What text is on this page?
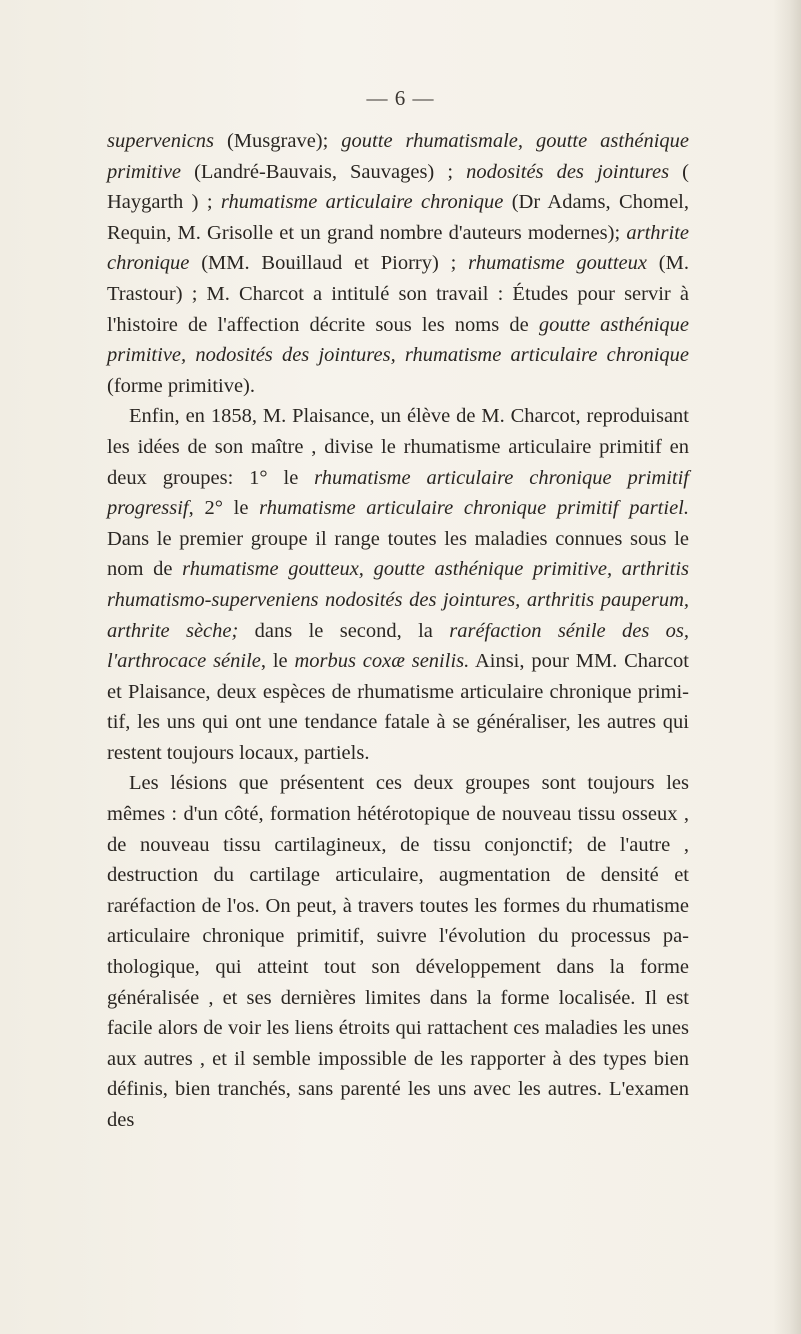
— 6 —

supervenicns (Musgrave); goutte rhumatismale, goutte asthénique primitive (Landré-Bauvais, Sauvages) ; nodosités des jointures ( Haygarth ) ; rhumatisme articulaire chronique (Dr Adams, Chomel, Requin, M. Grisolle et un grand nombre d'auteurs modernes); arthrite chronique (MM. Bouillaud et Piorry) ; rhumatisme goutteux (M. Trastour) ; M. Charcot a intitulé son travail : Études pour servir à l'histoire de l'affection décrite sous les noms de goutte asthénique primitive, nodosités des jointures, rhumatisme articulaire chronique (forme primitive).

Enfin, en 1858, M. Plaisance, un élève de M. Charcot, reproduisant les idées de son maître , divise le rhumatisme articulaire primitif en deux groupes: 1° le rhumatisme articulaire chronique primitif progressif, 2° le rhumatisme articulaire chronique primitif partiel. Dans le premier groupe il range toutes les maladies connues sous le nom de rhumatisme goutteux, goutte asthénique primitive, arthritis rhumatismo-superveniens nodosités des jointures, arthritis pauperum, arthrite sèche; dans le second, la raréfaction sénile des os, l'arthrocace sénile, le morbus coxæ senilis. Ainsi, pour MM. Charcot et Plaisance, deux espèces de rhumatisme articulaire chronique primitif, les uns qui ont une tendance fatale à se généraliser, les autres qui restent toujours locaux, partiels.

Les lésions que présentent ces deux groupes sont toujours les mêmes : d'un côté, formation hétérotopique de nouveau tissu osseux , de nouveau tissu cartilagineux, de tissu conjonctif; de l'autre , destruction du cartilage articulaire, augmentation de densité et raréfaction de l'os. On peut, à travers toutes les formes du rhumatisme articulaire chronique primitif, suivre l'évolution du processus pathologique, qui atteint tout son développement dans la forme généralisée , et ses dernières limites dans la forme localisée. Il est facile alors de voir les liens étroits qui rattachent ces maladies les unes aux autres , et il semble impossible de les rapporter à des types bien définis, bien tranchés, sans parenté les uns avec les autres. L'examen des
